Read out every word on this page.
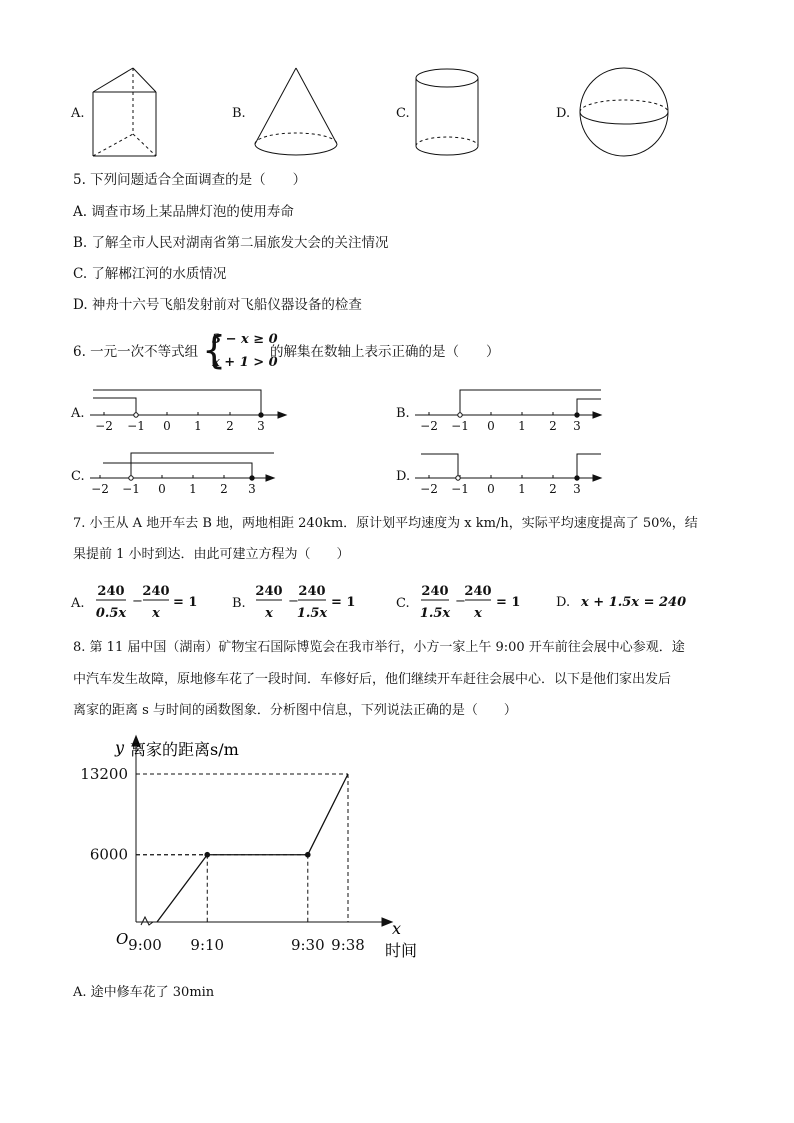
A.	B.	C.	D.
5. 下列问题适合全面调查的是（　　）
A. 调查市场上某品牌灯泡的使用寿命
B. 了解全市人民对湖南省第二届旅发大会的关注情况
C. 了解郴江河的水质情况
D. 神舟十六号飞船发射前对飞船仪器设备的检查
6. 一元一次不等式组 {
3 − x ≥ 0
x + 1 > 0
的解集在数轴上表示正确的是（　　）
A.
−2 −1 0 1 2 3
B.
−2 −1 0 1 2 3
C.
−2 −1 0 1 2 3
D.
−2 −1 0 1 2 3
7. 小王从 A 地开车去 B 地，两地相距 240km．原计划平均速度为 x km/h，实际平均速度提高了 50%，结
果提前 1 小时到达．由此可建立方程为（　　）
A.
240
0.5x
−
240
x
= 1	B.
240
x
−
240
1.5x
= 1	C.
240
1.5x
−
240
x
= 1	D. x + 1.5x = 240
8. 第 11 届中国（湖南）矿物宝石国际博览会在我市举行，小方一家上午 9:00 开车前往会展中心参观．途
中汽车发生故障，原地修车花了一段时间．车修好后，他们继续开车赶往会展中心．以下是他们家出发后
离家的距离 s 与时间的函数图象．分析图中信息，下列说法正确的是（　　）
y 离家的距离s/m
x
时间
O 9:00 9:10	9:30 9:38
6000
13200
A. 途中修车花了 30min
